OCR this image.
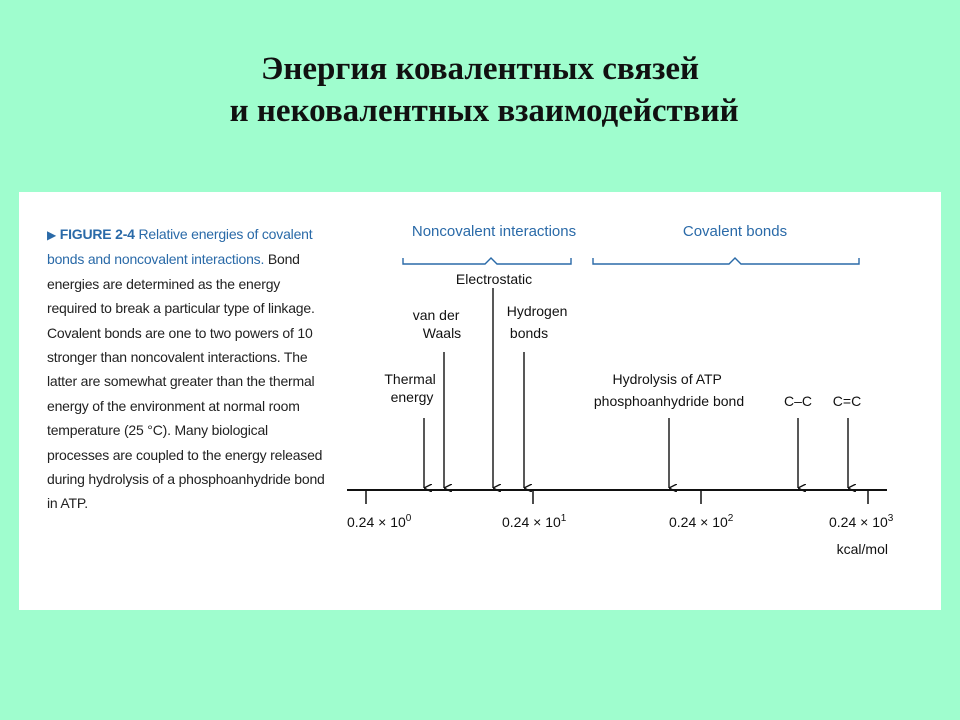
Энергия ковалентных связей
и нековалентных взаимодействий
▶ FIGURE 2-4 Relative energies of covalent bonds and noncovalent interactions. Bond energies are determined as the energy required to break a particular type of linkage. Covalent bonds are one to two powers of 10 stronger than noncovalent interactions. The latter are somewhat greater than the thermal energy of the environment at normal room temperature (25 °C). Many biological processes are coupled to the energy released during hydrolysis of a phosphoanhydride bond in ATP.
Noncovalent interactions	Covalent bonds
$0.24 \times 10^0$	$0.24 \times 10^1$	$0.24 \times 10^2$	$0.24 \times 10^3$
kcal/mol
Thermal energy
van der Waals
Electrostatic
Hydrogen bonds
Hydrolysis of ATP phosphoanhydride bond	C–C C=C
